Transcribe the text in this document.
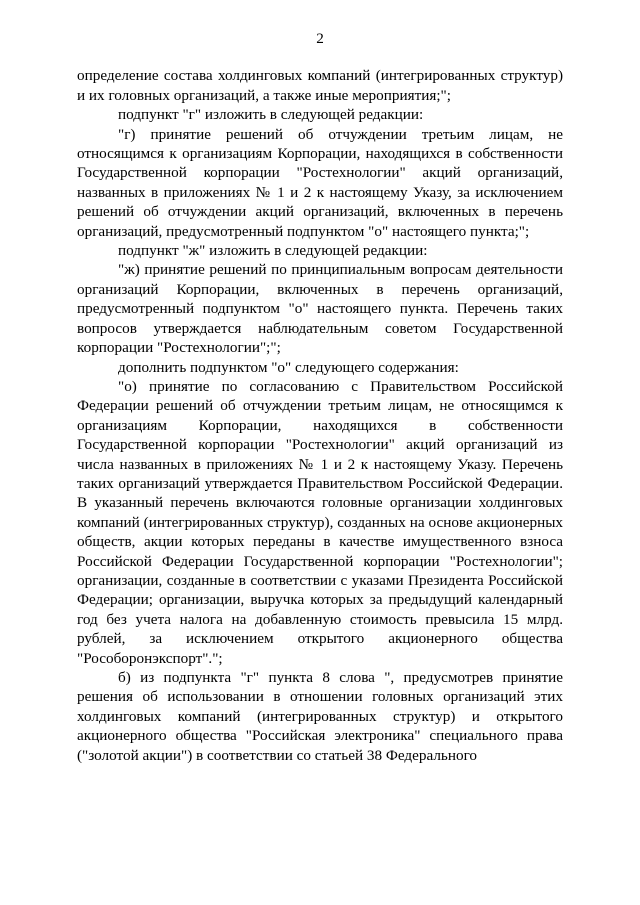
2

определение состава холдинговых компаний (интегрированных структур) и их головных организаций, а также иные мероприятия;";

подпункт "г" изложить в следующей редакции:

"г) принятие решений об отчуждении третьим лицам, не относящимся к организациям Корпорации, находящихся в собственности Государственной корпорации "Ростехнологии" акций организаций, названных в приложениях № 1 и 2 к настоящему Указу, за исключением решений об отчуждении акций организаций, включенных в перечень организаций, предусмотренный подпунктом "о" настоящего пункта;";

подпункт "ж" изложить в следующей редакции:

"ж) принятие решений по принципиальным вопросам деятельности организаций Корпорации, включенных в перечень организаций, предусмотренный подпунктом "о" настоящего пункта. Перечень таких вопросов утверждается наблюдательным советом Государственной корпорации "Ростехнологии";";

дополнить подпунктом "о" следующего содержания:

"о) принятие по согласованию с Правительством Российской Федерации решений об отчуждении третьим лицам, не относящимся к организациям Корпорации, находящихся в собственности Государственной корпорации "Ростехнологии" акций организаций из числа названных в приложениях № 1 и 2 к настоящему Указу. Перечень таких организаций утверждается Правительством Российской Федерации. В указанный перечень включаются головные организации холдинговых компаний (интегрированных структур), созданных на основе акционерных обществ, акции которых переданы в качестве имущественного взноса Российской Федерации Государственной корпорации "Ростехнологии"; организации, созданные в соответствии с указами Президента Российской Федерации; организации, выручка которых за предыдущий календарный год без учета налога на добавленную стоимость превысила 15 млрд. рублей, за исключением открытого акционерного общества "Рособоронэкспорт".";

б) из подпункта "г" пункта 8 слова ", предусмотрев принятие решения об использовании в отношении головных организаций этих холдинговых компаний (интегрированных структур) и открытого акционерного общества "Российская электроника" специального права ("золотой акции") в соответствии со статьей 38 Федерального
